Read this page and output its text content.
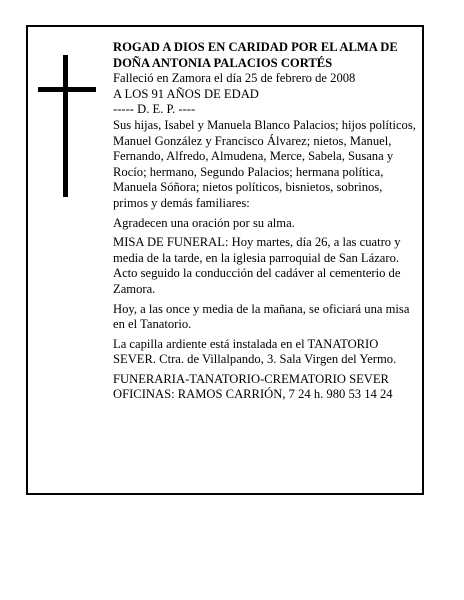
ROGAD A DIOS EN CARIDAD POR EL ALMA DE

DOÑA ANTONIA PALACIOS CORTÉS

Falleció en Zamora el día 25 de febrero de 2008

A LOS 91 AÑOS DE EDAD

----- D. E. P. ----

Sus hijas, Isabel y Manuela Blanco Palacios; hijos políticos, Manuel González y Francisco Álvarez; nietos, Manuel, Fernando, Alfredo, Almudena, Merce, Sabela, Susana y Rocío; hermano, Segundo Palacios; hermana política, Manuela Sóñora; nietos políticos, bisnietos, sobrinos, primos y demás familiares:

Agradecen una oración por su alma.

MISA DE FUNERAL: Hoy martes, día 26, a las cuatro y media de la tarde, en la iglesia parroquial de San Lázaro. Acto seguido la conducción del cadáver al cementerio de Zamora.

Hoy, a las once y media de la mañana, se oficiará una misa en el Tanatorio.

La capilla ardiente está instalada en el TANATORIO SEVER. Ctra. de Villalpando, 3. Sala Virgen del Yermo.

FUNERARIA-TANATORIO-CREMATORIO SEVER

OFICINAS: RAMOS CARRIÓN, 7 24 h. 980 53 14 24
